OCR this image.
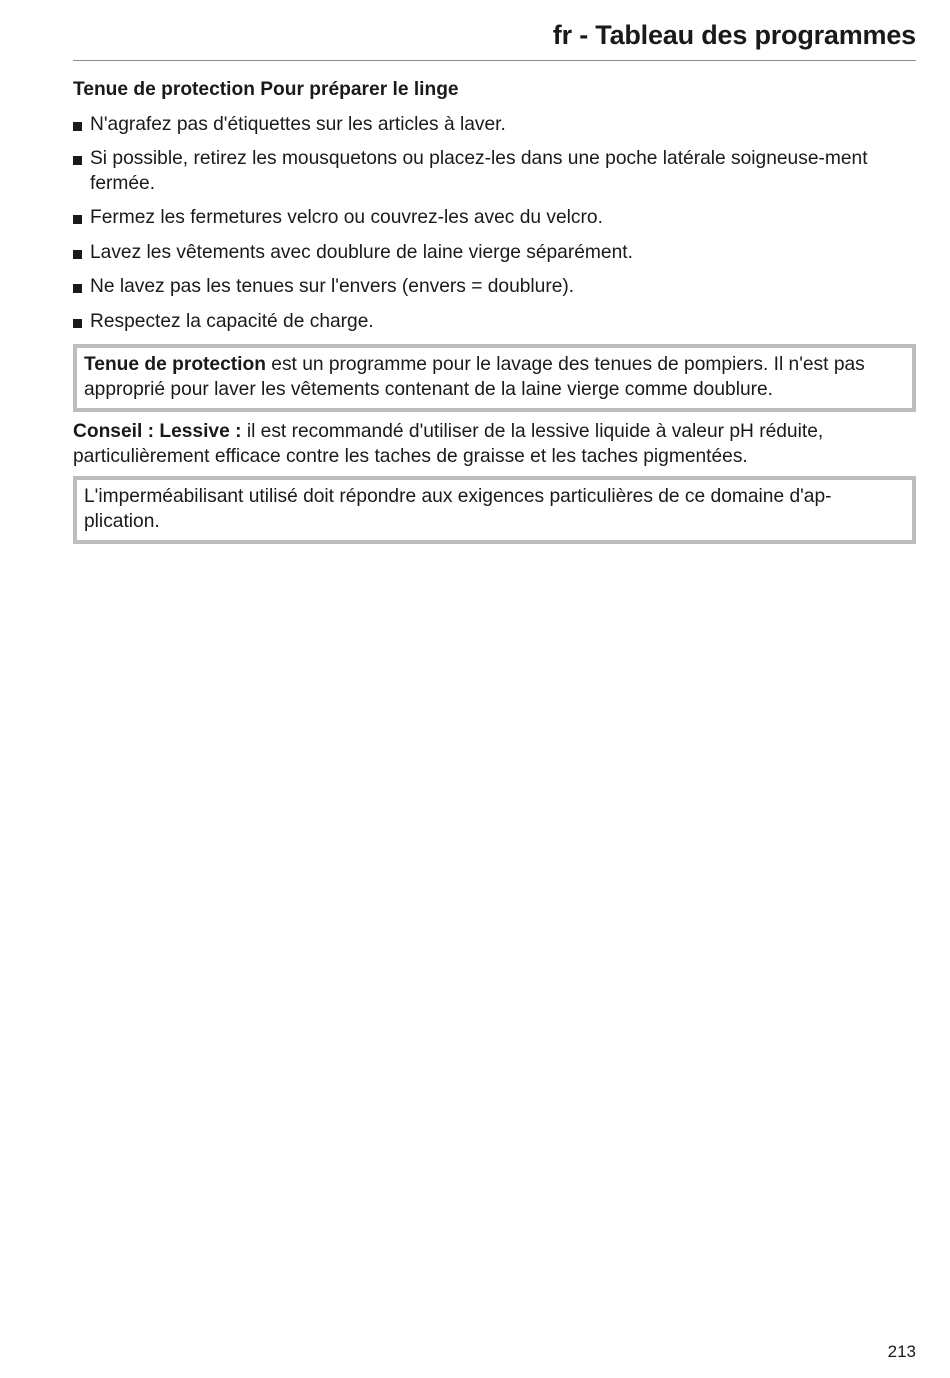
fr - Tableau des programmes
Tenue de protection Pour préparer le linge
N'agrafez pas d'étiquettes sur les articles à laver.
Si possible, retirez les mousquetons ou placez-les dans une poche latérale soigneuse-ment fermée.
Fermez les fermetures velcro ou couvrez-les avec du velcro.
Lavez les vêtements avec doublure de laine vierge séparément.
Ne lavez pas les tenues sur l'envers (envers = doublure).
Respectez la capacité de charge.
Tenue de protection est un programme pour le lavage des tenues de pompiers. Il n'est pas approprié pour laver les vêtements contenant de la laine vierge comme doublure.
Conseil : Lessive : il est recommandé d'utiliser de la lessive liquide à valeur pH réduite, particulièrement efficace contre les taches de graisse et les taches pigmentées.
L'imperméabilisant utilisé doit répondre aux exigences particulières de ce domaine d'ap-plication.
213
